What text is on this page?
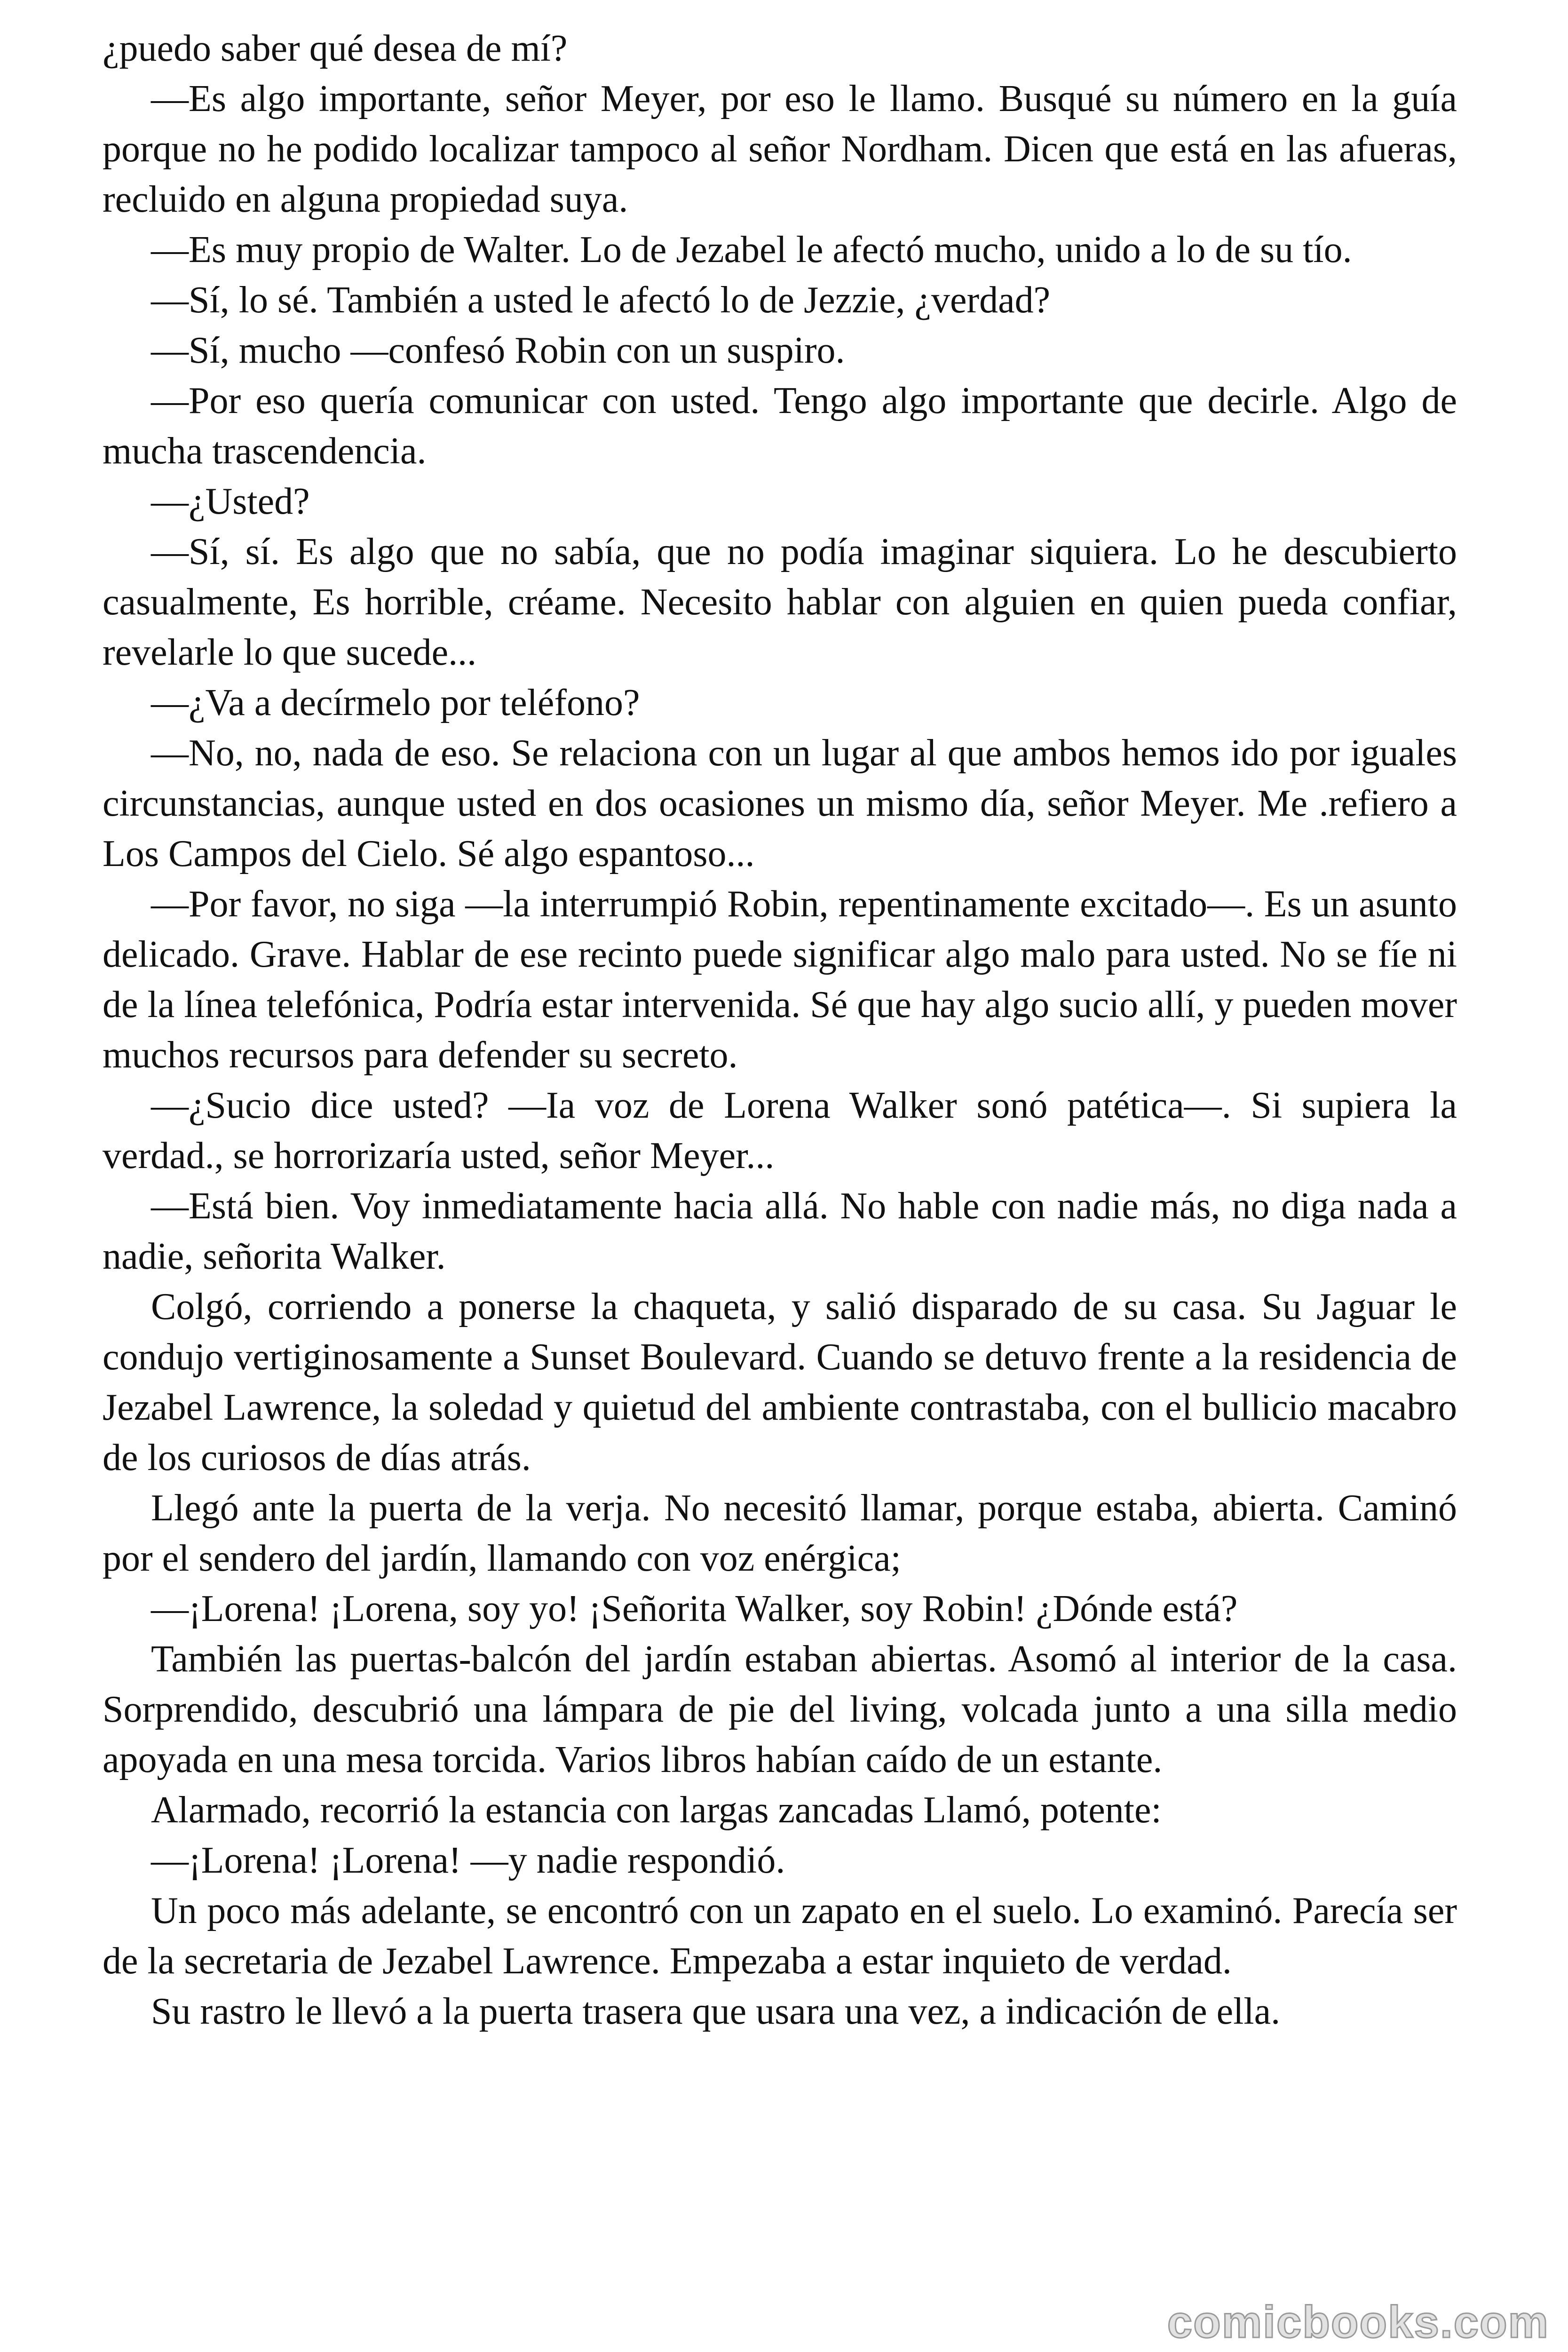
¿puedo saber qué desea de mí?

—Es algo importante, señor Meyer, por eso le llamo. Busqué su número en la guía porque no he podido localizar tampoco al señor Nordham. Dicen que está en las afueras, recluido en alguna propiedad suya.

—Es muy propio de Walter. Lo de Jezabel le afectó mucho, unido a lo de su tío.

—Sí, lo sé. También a usted le afectó lo de Jezzie, ¿verdad?

—Sí, mucho —confesó Robin con un suspiro.

—Por eso quería comunicar con usted. Tengo algo importante que decirle. Algo de mucha trascendencia.

—¿Usted?

—Sí, sí. Es algo que no sabía, que no podía imaginar siquiera. Lo he descubierto casualmente, Es horrible, créame. Necesito hablar con alguien en quien pueda confiar, revelarle lo que sucede...

—¿Va a decírmelo por teléfono?

—No, no, nada de eso. Se relaciona con un lugar al que ambos hemos ido por iguales circunstancias, aunque usted en dos ocasiones un mismo día, señor Meyer. Me .refiero a Los Campos del Cielo. Sé algo espantoso...

—Por favor, no siga —la interrumpió Robin, repentinamente excitado—. Es un asunto delicado. Grave. Hablar de ese recinto puede significar algo malo para usted. No se fíe ni de la línea telefónica, Podría estar intervenida. Sé que hay algo sucio allí, y pueden mover muchos recursos para defender su secreto.

—¿Sucio dice usted? —Ia voz de Lorena Walker sonó patética—. Si supiera la verdad., se horrorizaría usted, señor Meyer...

—Está bien. Voy inmediatamente hacia allá. No hable con nadie más, no diga nada a nadie, señorita Walker.

Colgó, corriendo a ponerse la chaqueta, y salió disparado de su casa. Su Jaguar le condujo vertiginosamente a Sunset Boulevard. Cuando se detuvo frente a la residencia de Jezabel Lawrence, la soledad y quietud del ambiente contrastaba, con el bullicio macabro de los curiosos de días atrás.

Llegó ante la puerta de la verja. No necesitó llamar, porque estaba, abierta. Caminó por el sendero del jardín, llamando con voz enérgica;

—¡Lorena! ¡Lorena, soy yo! ¡Señorita Walker, soy Robin! ¿Dónde está?

También las puertas-balcón del jardín estaban abiertas. Asomó al interior de la casa. Sorprendido, descubrió una lámpara de pie del living, volcada junto a una silla medio apoyada en una mesa torcida. Varios libros habían caído de un estante.

Alarmado, recorrió la estancia con largas zancadas Llamó, potente:

—¡Lorena! ¡Lorena! —y nadie respondió.

Un poco más adelante, se encontró con un zapato en el suelo. Lo examinó. Parecía ser de la secretaria de Jezabel Lawrence. Empezaba a estar inquieto de verdad.

Su rastro le llevó a la puerta trasera que usara una vez, a indicación de ella.

comicbooks.com
